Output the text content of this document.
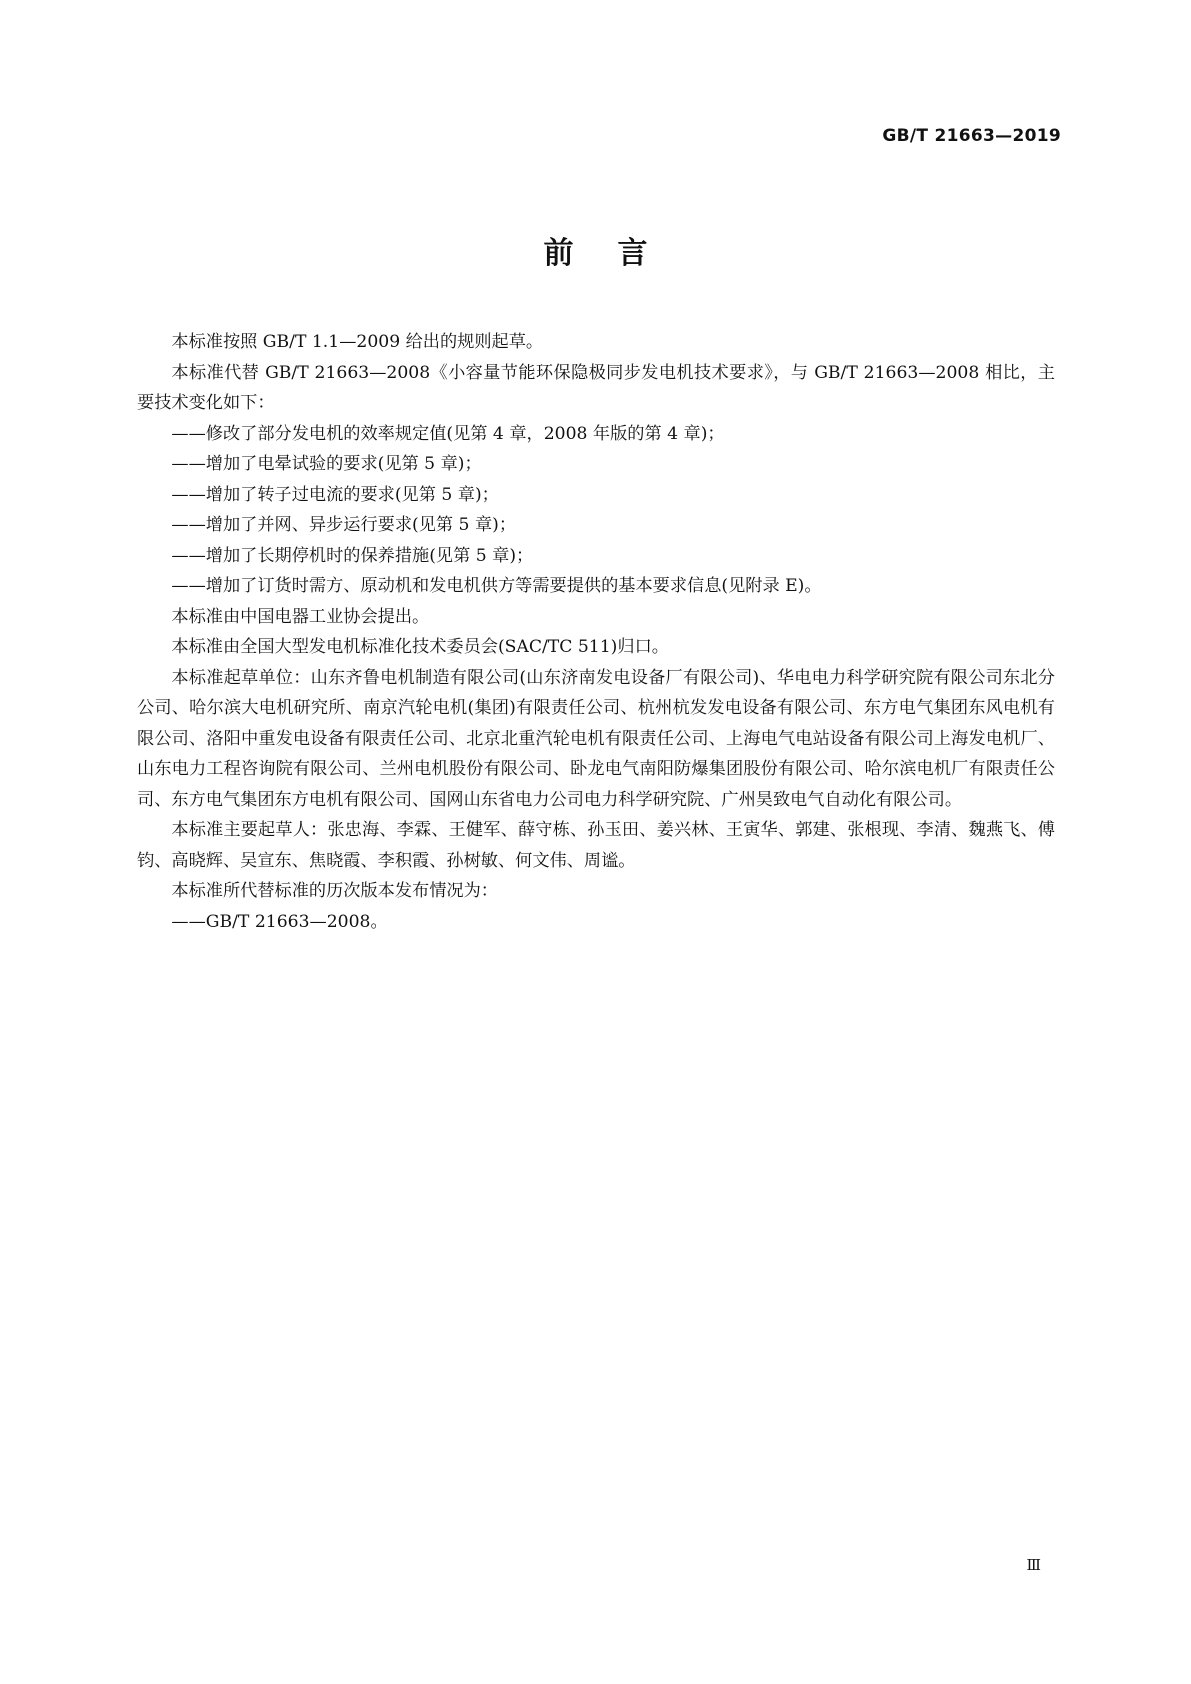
GB/T 21663—2019
前言

本标准按照 GB/T 1.1—2009 给出的规则起草。

本标准代替 GB/T 21663—2008《小容量节能环保隐极同步发电机技术要求》，与 GB/T 21663—2008 相比，主要技术变化如下：

——修改了部分发电机的效率规定值(见第 4 章，2008 年版的第 4 章)；

——增加了电晕试验的要求(见第 5 章)；

——增加了转子过电流的要求(见第 5 章)；

——增加了并网、异步运行要求(见第 5 章)；

——增加了长期停机时的保养措施(见第 5 章)；

——增加了订货时需方、原动机和发电机供方等需要提供的基本要求信息(见附录 E)。

本标准由中国电器工业协会提出。

本标准由全国大型发电机标准化技术委员会(SAC/TC 511)归口。

本标准起草单位：山东齐鲁电机制造有限公司(山东济南发电设备厂有限公司)、华电电力科学研究院有限公司东北分公司、哈尔滨大电机研究所、南京汽轮电机(集团)有限责任公司、杭州杭发发电设备有限公司、东方电气集团东风电机有限公司、洛阳中重发电设备有限责任公司、北京北重汽轮电机有限责任公司、上海电气电站设备有限公司上海发电机厂、山东电力工程咨询院有限公司、兰州电机股份有限公司、卧龙电气南阳防爆集团股份有限公司、哈尔滨电机厂有限责任公司、东方电气集团东方电机有限公司、国网山东省电力公司电力科学研究院、广州昊致电气自动化有限公司。

本标准主要起草人：张忠海、李霖、王健军、薛守栋、孙玉田、姜兴林、王寅华、郭建、张根现、李清、魏燕飞、傅钧、高晓辉、吴宣东、焦晓霞、李积霞、孙树敏、何文伟、周谧。

本标准所代替标准的历次版本发布情况为：

——GB/T 21663—2008。

Ⅲ
